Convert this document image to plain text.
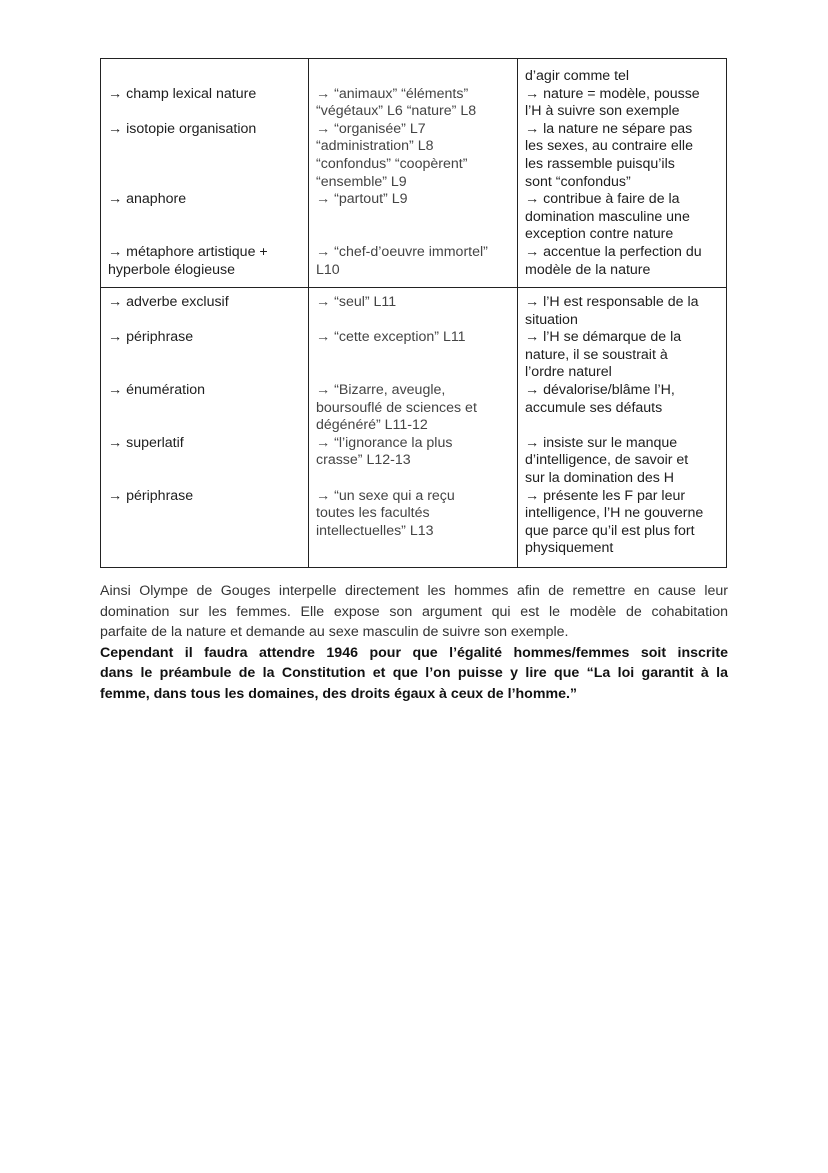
→ champ lexical nature
→ isotopie organisation
→ anaphore
→ métaphore artistique +
hyperbole élogieuse
→ “animaux” “éléments”
“végétaux” L6 “nature” L8
→ “organisée” L7
“administration” L8
“confondus” “coopèrent”
“ensemble” L9
→ “partout” L9
→ “chef-d’oeuvre immortel”
L10
d’agir comme tel
→ nature = modèle, pousse
l’H à suivre son exemple
→ la nature ne sépare pas
les sexes, au contraire elle
les rassemble puisqu’ils
sont “confondus”
→ contribue à faire de la
domination masculine une
exception contre nature
→ accentue la perfection du
modèle de la nature
→ adverbe exclusif
→ périphrase
→ énumération
→ superlatif
→ périphrase
→ “seul” L11
→ “cette exception” L11
→ “Bizarre, aveugle,
boursouflé de sciences et
dégénéré” L11-12
→ “l’ignorance la plus
crasse” L12-13
→ “un sexe qui a reçu
toutes les facultés
intellectuelles” L13
→ l’H est responsable de la
situation
→ l’H se démarque de la
nature, il se soustrait à
l’ordre naturel
→ dévalorise/blâme l’H,
accumule ses défauts
→ insiste sur le manque
d’intelligence, de savoir et
sur la domination des H
→ présente les F par leur
intelligence, l’H ne gouverne
que parce qu’il est plus fort
physiquement
Ainsi Olympe de Gouges interpelle directement les hommes afin de remettre en cause leur
domination sur les femmes. Elle expose son argument qui est le modèle de cohabitation
parfaite de la nature et demande au sexe masculin de suivre son exemple.
Cependant il faudra attendre 1946 pour que l’égalité hommes/femmes soit inscrite
dans le préambule de la Constitution et que l’on puisse y lire que “La loi garantit à la
femme, dans tous les domaines, des droits égaux à ceux de l’homme.”
